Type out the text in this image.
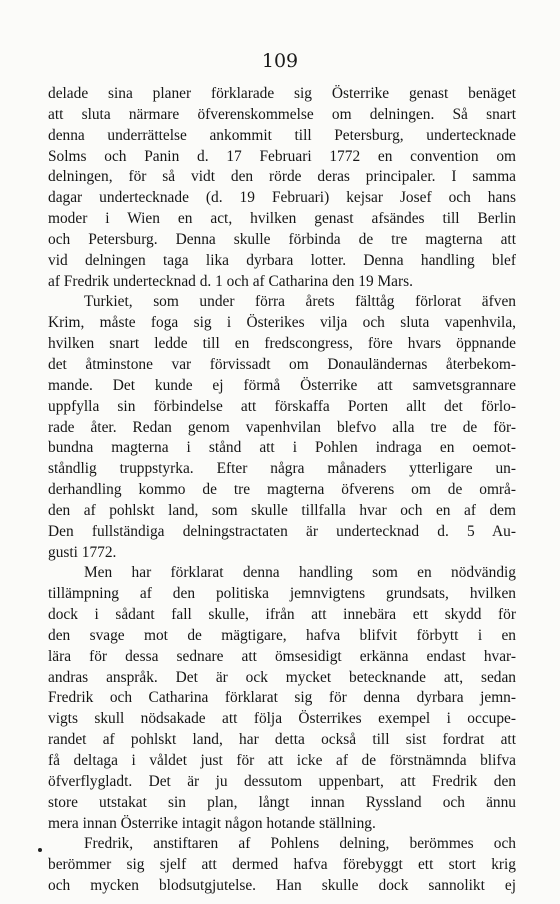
109
delade sina planer förklarade sig Österrike genast benäget
att sluta närmare öfverenskommelse om delningen. Så snart
denna underrättelse ankommit till Petersburg, undertecknade
Solms och Panin d. 17 Februari 1772 en convention om
delningen, för så vidt den rörde deras principaler. I samma
dagar undertecknade (d. 19 Februari) kejsar Josef och hans
moder i Wien en act, hvilken genast afsändes till Berlin
och Petersburg. Denna skulle förbinda de tre magterna att
vid delningen taga lika dyrbara lotter. Denna handling blef
af Fredrik undertecknad d. 1 och af Catharina den 19 Mars.
Turkiet, som under förra årets fälttåg förlorat äfven
Krim, måste foga sig i Österikes vilja och sluta vapenhvila,
hvilken snart ledde till en fredscongress, före hvars öppnande
det åtminstone var förvissadt om Donauländernas återbekom-
mande. Det kunde ej förmå Österrike att samvetsgrannare
uppfylla sin förbindelse att förskaffa Porten allt det förlo-
rade åter. Redan genom vapenhvilan blefvo alla tre de för-
bundna magterna i stånd att i Pohlen indraga en oemot-
ståndlig truppstyrka. Efter några månaders ytterligare un-
derhandling kommo de tre magterna öfverens om de områ-
den af pohlskt land, som skulle tillfalla hvar och en af dem
Den fullständiga delningstractaten är undertecknad d. 5 Au-
gusti 1772.
Men har förklarat denna handling som en nödvändig
tillämpning af den politiska jemnvigtens grundsats, hvilken
dock i sådant fall skulle, ifrån att innebära ett skydd för
den svage mot de mägtigare, hafva blifvit förbytt i en
lära för dessa sednare att ömsesidigt erkänna endast hvar-
andras anspråk. Det är ock mycket betecknande att, sedan
Fredrik och Catharina förklarat sig för denna dyrbara jemn-
vigts skull nödsakade att följa Österrikes exempel i occupe-
randet af pohlskt land, har detta också till sist fordrat att
få deltaga i våldet just för att icke af de förstnämnda blifva
öfverflygladt. Det är ju dessutom uppenbart, att Fredrik den
store utstakat sin plan, långt innan Ryssland och ännu
mera innan Österrike intagit någon hotande ställning.
Fredrik, anstiftaren af Pohlens delning, berömmes och
berömmer sig sjelf att dermed hafva förebyggt ett stort krig
och mycken blodsutgjutelse. Han skulle dock sannolikt ej
